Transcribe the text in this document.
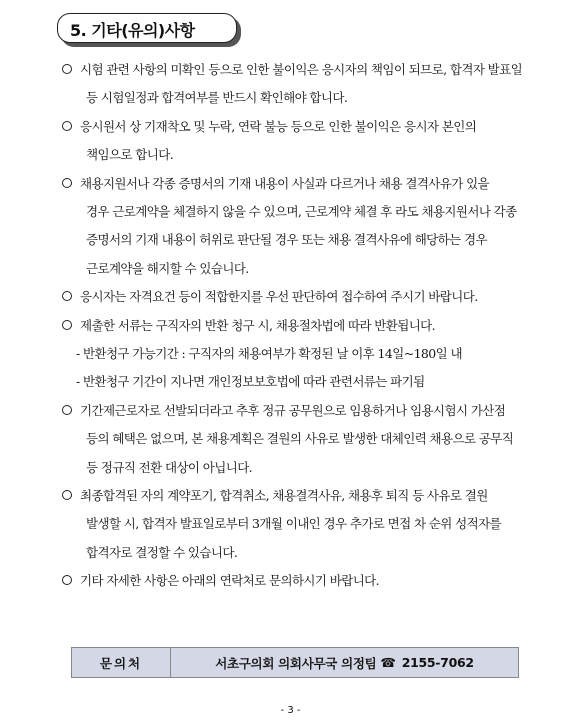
5. 기타(유의)사항
시험 관련 사항의 미확인 등으로 인한 불이익은 응시자의 책임이 되므로, 합격자 발표일
등 시험일정과 합격여부를 반드시 확인해야 합니다.
응시원서 상 기재착오 및 누락, 연락 불능 등으로 인한 불이익은 응시자 본인의
책임으로 합니다.
채용지원서나 각종 증명서의 기재 내용이 사실과 다르거나 채용 결격사유가 있을
경우 근로계약을 체결하지 않을 수 있으며, 근로계약 체결 후 라도 채용지원서나 각종
증명서의 기재 내용이 허위로 판단될 경우 또는 채용 결격사유에 해당하는 경우
근로계약을 해지할 수 있습니다.
응시자는 자격요건 등이 적합한지를 우선 판단하여 접수하여 주시기 바랍니다.
제출한 서류는 구직자의 반환 청구 시, 채용절차법에 따라 반환됩니다.
- 반환청구 가능기간 : 구직자의 채용여부가 확정된 날 이후 14일~180일 내
- 반환청구 기간이 지나면 개인정보보호법에 따라 관련서류는 파기됨
기간제근로자로 선발되더라고 추후 정규 공무원으로 임용하거나 임용시험시 가산점
등의 혜택은 없으며, 본 채용계획은 결원의 사유로 발생한 대체인력 채용으로 공무직
등 정규직 전환 대상이 아닙니다.
최종합격된 자의 계약포기, 합격취소, 채용결격사유, 채용후 퇴직 등 사유로 결원
발생할 시, 합격자 발표일로부터 3개월 이내인 경우 추가로 면접 차 순위 성적자를
합격자로 결정할 수 있습니다.
기타 자세한 사항은 아래의 연락처로 문의하시기 바랍니다.
문의처	서초구의회 의회사무국 의정팀 ☎ 2155-7062
- 3 -
